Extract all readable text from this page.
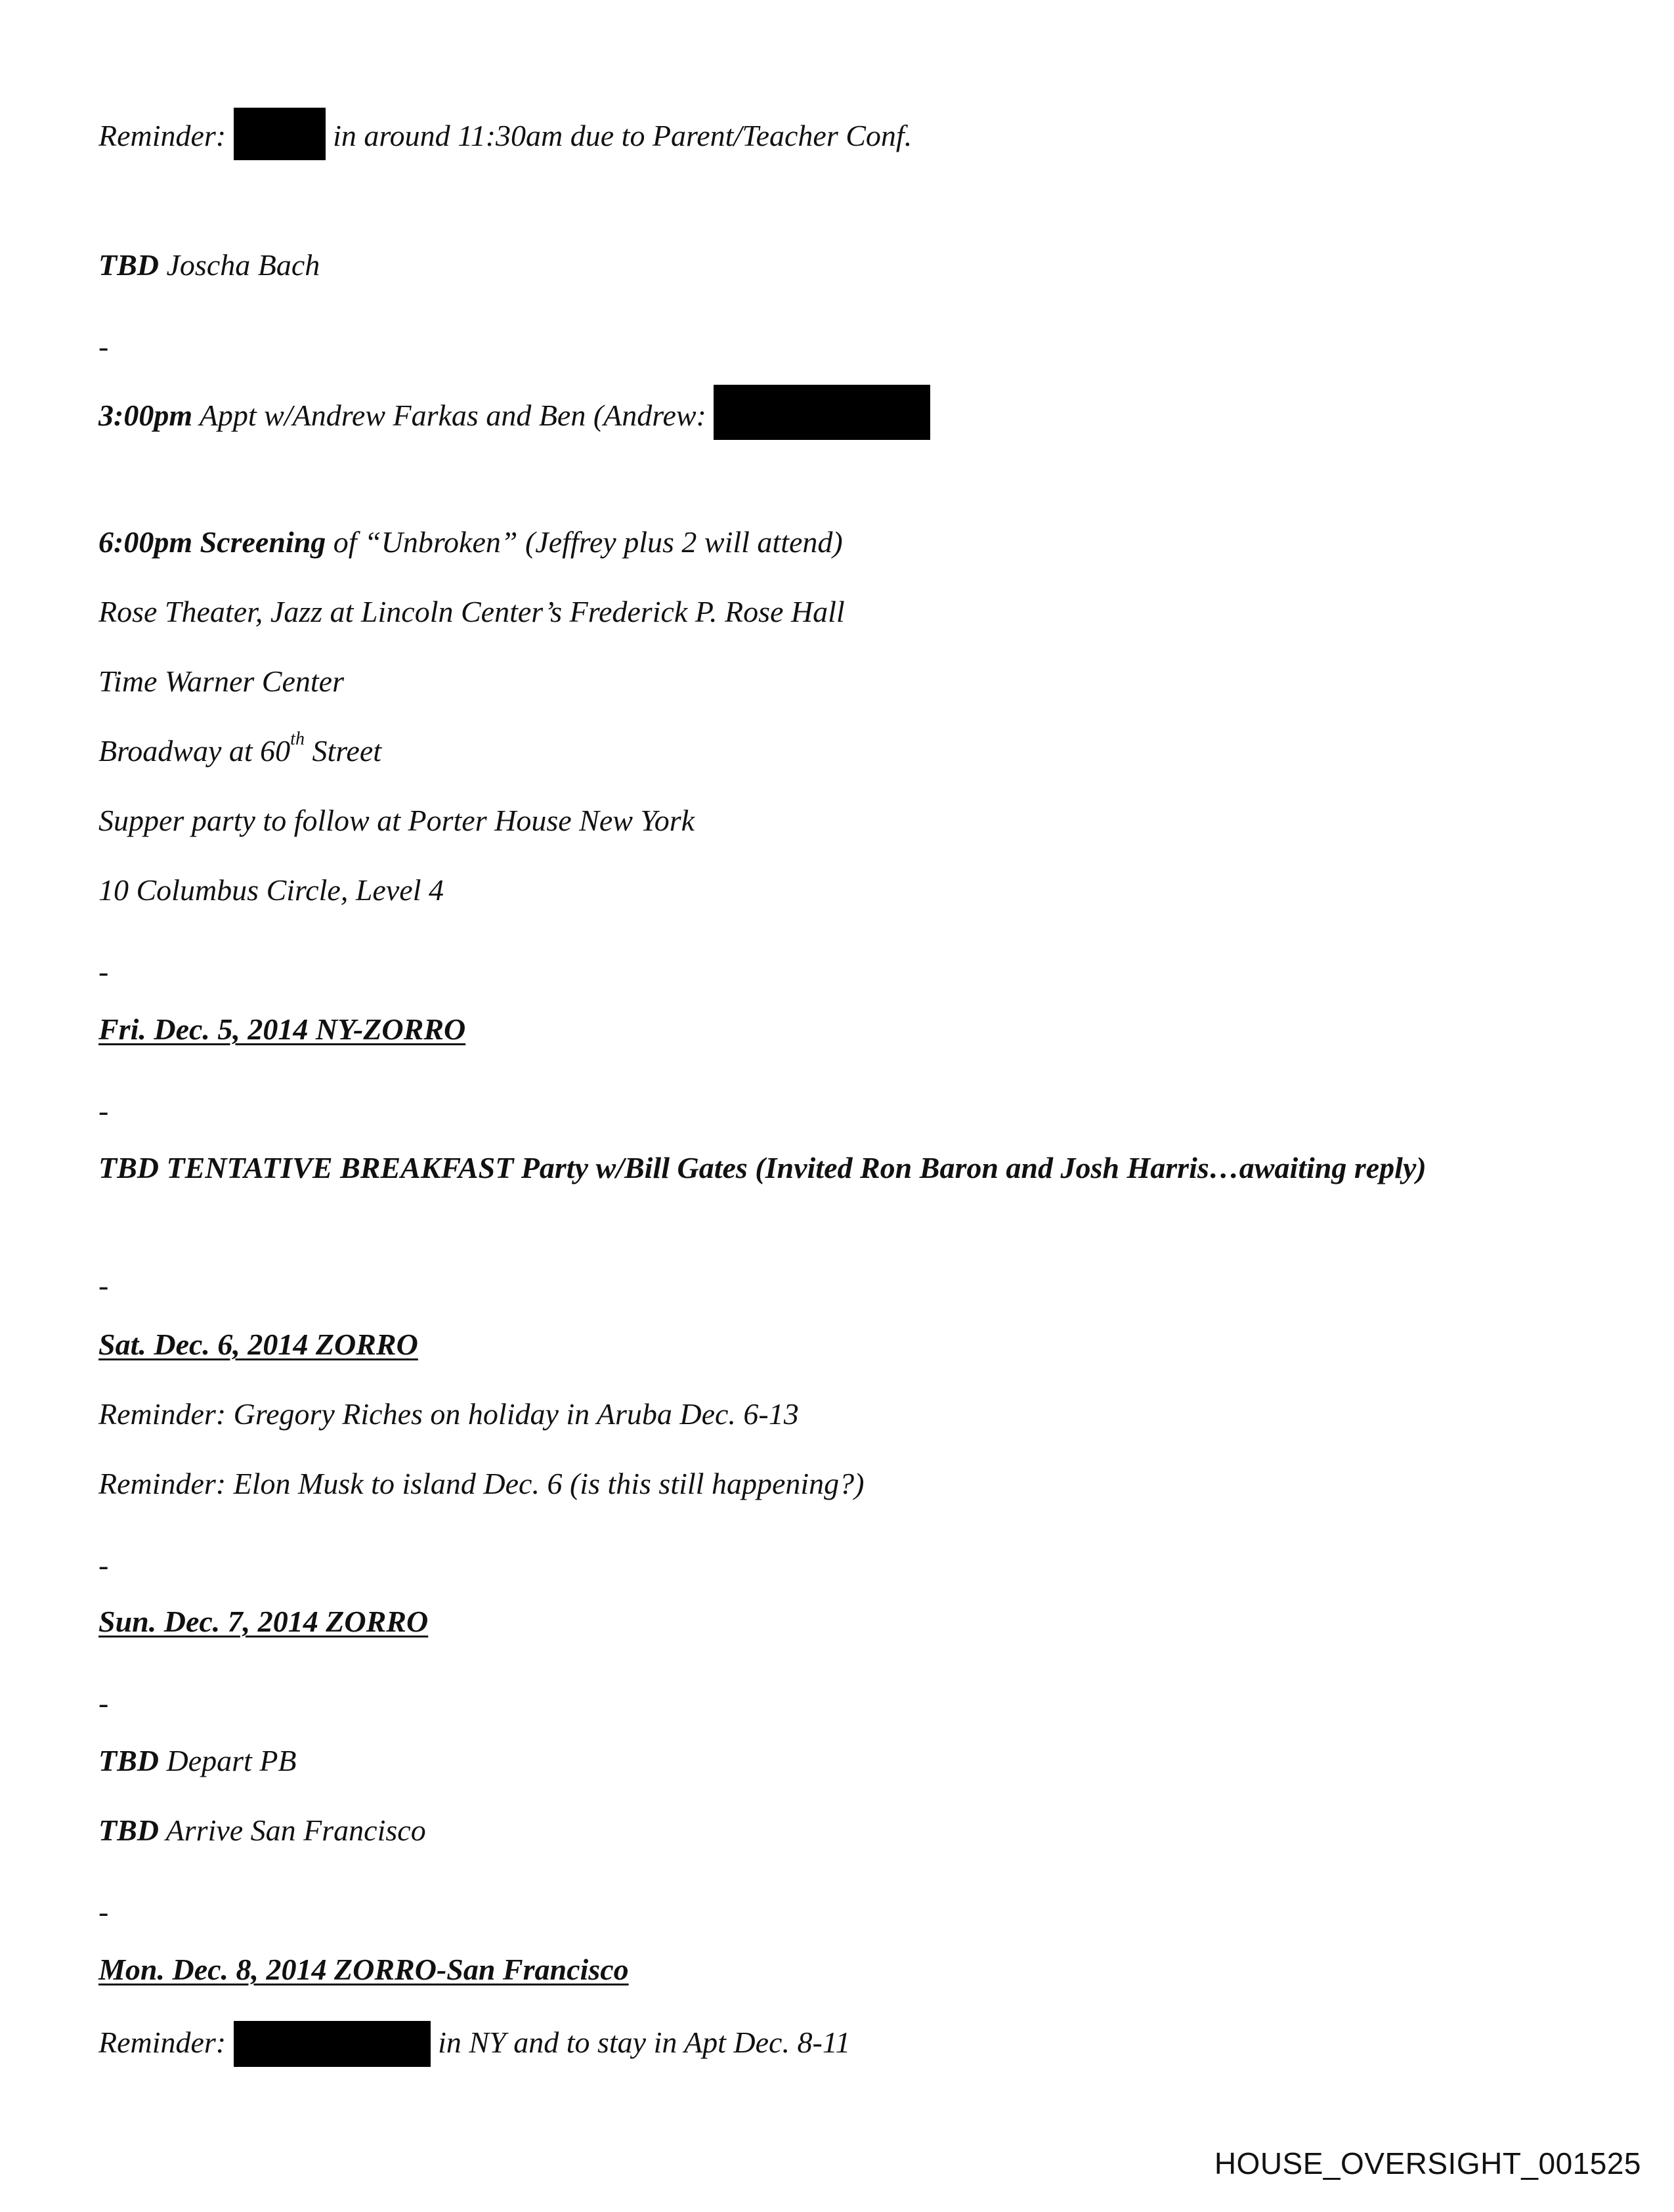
Reminder:	in around 11:30am due to Parent/Teacher Conf.
TBD Joscha Bach
-
3:00pm Appt w/Andrew Farkas and Ben (Andrew:
6:00pm Screening of “Unbroken” (Jeffrey plus 2 will attend)
Rose Theater, Jazz at Lincoln Center’s Frederick P. Rose Hall
Time Warner Center
Broadway at 60th Street
Supper party to follow at Porter House New York
10 Columbus Circle, Level 4
-
Fri. Dec. 5, 2014 NY-ZORRO
-
TBD TENTATIVE BREAKFAST Party w/Bill Gates (Invited Ron Baron and Josh Harris…awaiting reply)
-
Sat. Dec. 6, 2014 ZORRO
Reminder: Gregory Riches on holiday in Aruba Dec. 6-13
Reminder: Elon Musk to island Dec. 6 (is this still happening?)
-
Sun. Dec. 7, 2014 ZORRO
-
TBD Depart PB
TBD Arrive San Francisco
-
Mon. Dec. 8, 2014 ZORRO-San Francisco
Reminder:	in NY and to stay in Apt Dec. 8-11
HOUSE_OVERSIGHT_001525
